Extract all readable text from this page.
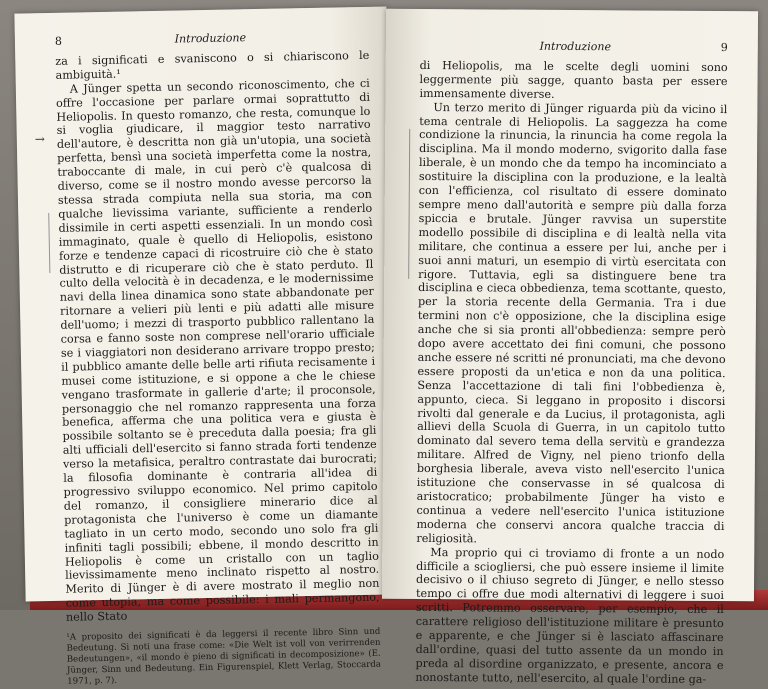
8	Introduzione

za i significati e svaniscono o si chiariscono le ambiguità.¹

A Jünger spetta un secondo riconoscimento, che ci offre l'occasione per parlare ormai soprattutto di Heliopolis. In questo romanzo, che resta, comunque lo si voglia giudicare, il maggior testo narrativo dell'autore, è descritta non già un'utopia, una società perfetta, bensì una società imperfetta come la nostra, traboccante di male, in cui però c'è qualcosa di diverso, come se il nostro mondo avesse percorso la stessa strada compiuta nella sua storia, ma con qualche lievissima variante, sufficiente a renderlo dissimile in certi aspetti essenziali. In un mondo così immaginato, quale è quello di Heliopolis, esistono forze e tendenze capaci di ricostruire ciò che è stato distrutto e di ricuperare ciò che è stato perduto. Il culto della velocità è in decadenza, e le modernissime navi della linea dinamica sono state abbandonate per ritornare a velieri più lenti e più adatti alle misure dell'uomo; i mezzi di trasporto pubblico rallentano la corsa e fanno soste non comprese nell'orario ufficiale se i viaggiatori non desiderano arrivare troppo presto; il pubblico amante delle belle arti rifiuta recisamente i musei come istituzione, e si oppone a che le chiese vengano trasformate in gallerie d'arte; il proconsole, personaggio che nel romanzo rappresenta una forza benefica, afferma che una politica vera e giusta è possibile soltanto se è preceduta dalla poesia; fra gli alti ufficiali dell'esercito si fanno strada forti tendenze verso la metafisica, peraltro contrastate dai burocrati; la filosofia dominante è contraria all'idea di progressivo sviluppo economico. Nel primo capitolo del romanzo, il consigliere minerario dice al protagonista che l'universo è come un diamante tagliato in un certo modo, secondo uno solo fra gli infiniti tagli possibili; ebbene, il mondo descritto in Heliopolis è come un cristallo con un taglio lievissimamente meno inclinato rispetto al nostro. Merito di Jünger è di avere mostrato il meglio non come utopia, ma come possibile: i mali permangono, nello Stato

¹A proposito dei significati è da leggersi il recente libro Sinn und Bedeutung. Si noti una frase come: «Die Welt ist voll von verirrenden Bedeutungen», «il mondo è pieno di significati in decomposizione» (E. Jünger, Sinn und Bedeutung. Ein Figurenspiel, Klett Verlag, Stoccarda 1971, p. 7).
→
Introduzione	9

di Heliopolis, ma le scelte degli uomini sono leggermente più sagge, quanto basta per essere immensamente diverse.

Un terzo merito di Jünger riguarda più da vicino il tema centrale di Heliopolis. La saggezza ha come condizione la rinuncia, la rinuncia ha come regola la disciplina. Ma il mondo moderno, svigorito dalla fase liberale, è un mondo che da tempo ha incominciato a sostituire la disciplina con la produzione, e la lealtà con l'efficienza, col risultato di essere dominato sempre meno dall'autorità e sempre più dalla forza spiccia e brutale. Jünger ravvisa un superstite modello possibile di disciplina e di lealtà nella vita militare, che continua a essere per lui, anche per i suoi anni maturi, un esempio di virtù esercitata con rigore. Tuttavia, egli sa distinguere bene tra disciplina e cieca obbedienza, tema scottante, questo, per la storia recente della Germania. Tra i due termini non c'è opposizione, che la disciplina esige anche che si sia pronti all'obbedienza: sempre però dopo avere accettato dei fini comuni, che possono anche essere né scritti né pronunciati, ma che devono essere proposti da un'etica e non da una politica. Senza l'accettazione di tali fini l'obbedienza è, appunto, cieca. Si leggano in proposito i discorsi rivolti dal generale e da Lucius, il protagonista, agli allievi della Scuola di Guerra, in un capitolo tutto dominato dal severo tema della servitù e grandezza militare. Alfred de Vigny, nel pieno trionfo della borghesia liberale, aveva visto nell'esercito l'unica istituzione che conservasse in sé qualcosa di aristocratico; probabilmente Jünger ha visto e continua a vedere nell'esercito l'unica istituzione moderna che conservi ancora qualche traccia di religiosità.

Ma proprio qui ci troviamo di fronte a un nodo difficile a sciogliersi, che può essere insieme il limite decisivo o il chiuso segreto di Jünger, e nello stesso tempo ci offre due modi alternativi di leggere i suoi scritti. Potremmo osservare, per esempio, che il carattere religioso dell'istituzione militare è presunto e apparente, e che Jünger si è lasciato affascinare dall'ordine, quasi del tutto assente da un mondo in preda al disordine organizzato, e presente, ancora e nonostante tutto, nell'esercito, al quale l'ordine ga-
